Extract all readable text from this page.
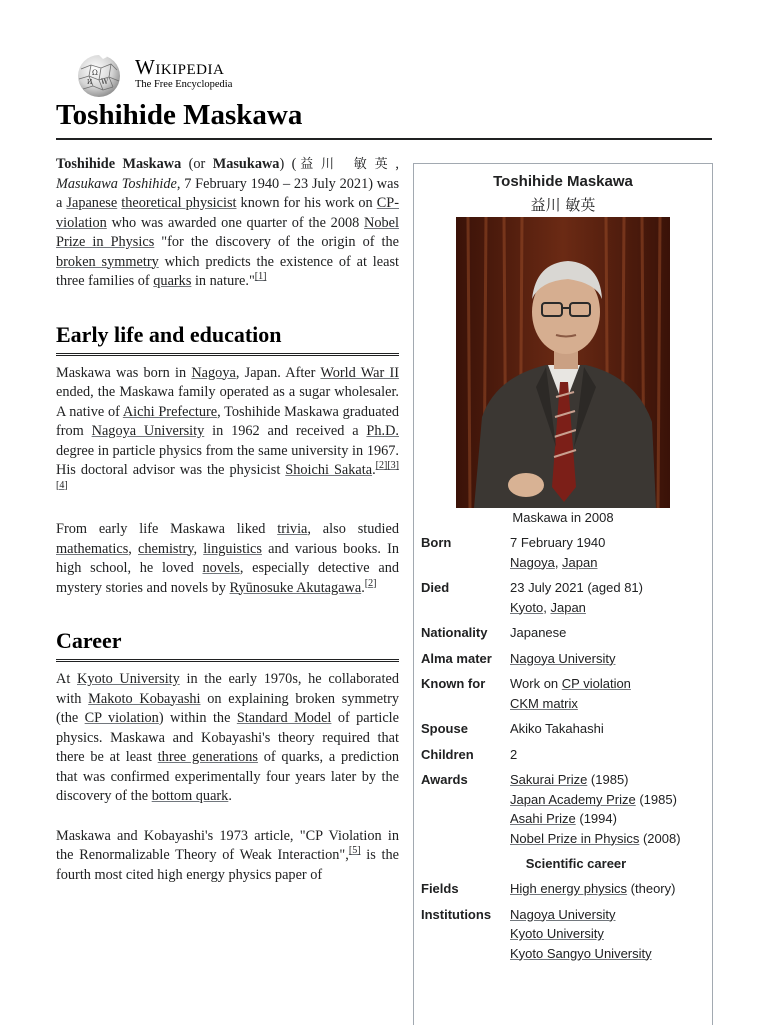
Ω
W
И
Wikipedia
The Free Encyclopedia
Toshihide Maskawa

Toshihide Maskawa (or Masukawa) (益川 敏英, Masukawa Toshihide, 7 February 1940 – 23 July 2021) was a Japanese theoretical physicist known for his work on CP-violation who was awarded one quarter of the 2008 Nobel Prize in Physics "for the discovery of the origin of the broken symmetry which predicts the existence of at least three families of quarks in nature."[1]

Early life and education

Maskawa was born in Nagoya, Japan. After World War II ended, the Maskawa family operated as a sugar wholesaler. A native of Aichi Prefecture, Toshihide Maskawa graduated from Nagoya University in 1962 and received a Ph.D. degree in particle physics from the same university in 1967. His doctoral advisor was the physicist Shoichi Sakata.[2][3][4]

From early life Maskawa liked trivia, also studied mathematics, chemistry, linguistics and various books. In high school, he loved novels, especially detective and mystery stories and novels by Ryūnosuke Akutagawa.[2]

Career

At Kyoto University in the early 1970s, he collaborated with Makoto Kobayashi on explaining broken symmetry (the CP violation) within the Standard Model of particle physics. Maskawa and Kobayashi's theory required that there be at least three generations of quarks, a prediction that was confirmed experimentally four years later by the discovery of the bottom quark.

Maskawa and Kobayashi's 1973 article, "CP Violation in the Renormalizable Theory of Weak Interaction",[5] is the fourth most cited high energy physics paper of

Toshihide Maskawa
益川 敏英
Maskawa in 2008
Born	7 February 1940
Nagoya, Japan
Died	23 July 2021 (aged 81)
Kyoto, Japan
Nationality	Japanese
Alma mater	Nagoya University
Known for	Work on CP violation
CKM matrix
Spouse	Akiko Takahashi
Children	2
Awards	Sakurai Prize (1985)
Japan Academy Prize (1985)
Asahi Prize (1994)
Nobel Prize in Physics (2008)
Scientific career
Fields	High energy physics (theory)
Institutions	Nagoya University
Kyoto University
Kyoto Sangyo University
